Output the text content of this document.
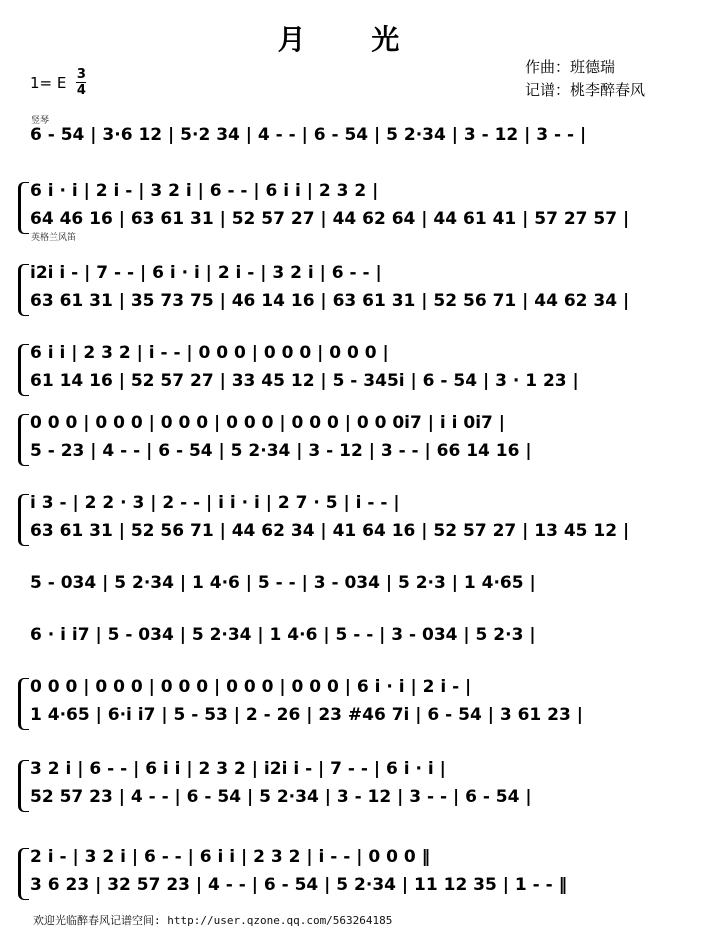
月 光
1= E 3
4
作曲：班德瑞
记谱：桃李醉春风
竖琴
英格兰风笛
6 - 54 | 3·6 12 | 5·2 34 | 4 - - | 6 - 54 | 5 2·34 | 3 - 12 | 3 - - |
6 i · i | 2 i - | 3 2 i | 6 - - | 6 i i | 2 3 2 |
64 46 16 | 63 61 31 | 52 57 27 | 44 62 64 | 44 61 41 | 57 27 57 |
i2i i - | 7 - - | 6 i · i | 2 i - | 3 2 i | 6 - - |
63 61 31 | 35 73 75 | 46 14 16 | 63 61 31 | 52 56 71 | 44 62 34 |
6 i i | 2 3 2 | i - - | 0 0 0 | 0 0 0 | 0 0 0 |
61 14 16 | 52 57 27 | 33 45 12 | 5 - 345i | 6 - 54 | 3 · 1 23 |
0 0 0 | 0 0 0 | 0 0 0 | 0 0 0 | 0 0 0 | 0 0 0i7 | i i 0i7 |
5 - 23 | 4 - - | 6 - 54 | 5 2·34 | 3 - 12 | 3 - - | 66 14 16 |
i 3 - | 2 2 · 3 | 2 - - | i i · i | 2 7 · 5 | i - - |
63 61 31 | 52 56 71 | 44 62 34 | 41 64 16 | 52 57 27 | 13 45 12 |
5 - 034 | 5 2·34 | 1 4·6 | 5 - - | 3 - 034 | 5 2·3 | 1 4·65 |
6 · i i7 | 5 - 034 | 5 2·34 | 1 4·6 | 5 - - | 3 - 034 | 5 2·3 |
0 0 0 | 0 0 0 | 0 0 0 | 0 0 0 | 0 0 0 | 6 i · i | 2 i - |
1 4·65 | 6·i i7 | 5 - 53 | 2 - 26 | 23 #46 7i | 6 - 54 | 3 61 23 |
3 2 i | 6 - - | 6 i i | 2 3 2 | i2i i - | 7 - - | 6 i · i |
52 57 23 | 4 - - | 6 - 54 | 5 2·34 | 3 - 12 | 3 - - | 6 - 54 |
2 i - | 3 2 i | 6 - - | 6 i i | 2 3 2 | i - - | 0 0 0 ‖
3 6 23 | 32 57 23 | 4 - - | 6 - 54 | 5 2·34 | 11 12 35 | 1 - - ‖
欢迎光临醉春风记谱空间: http://user.qzone.qq.com/563264185
